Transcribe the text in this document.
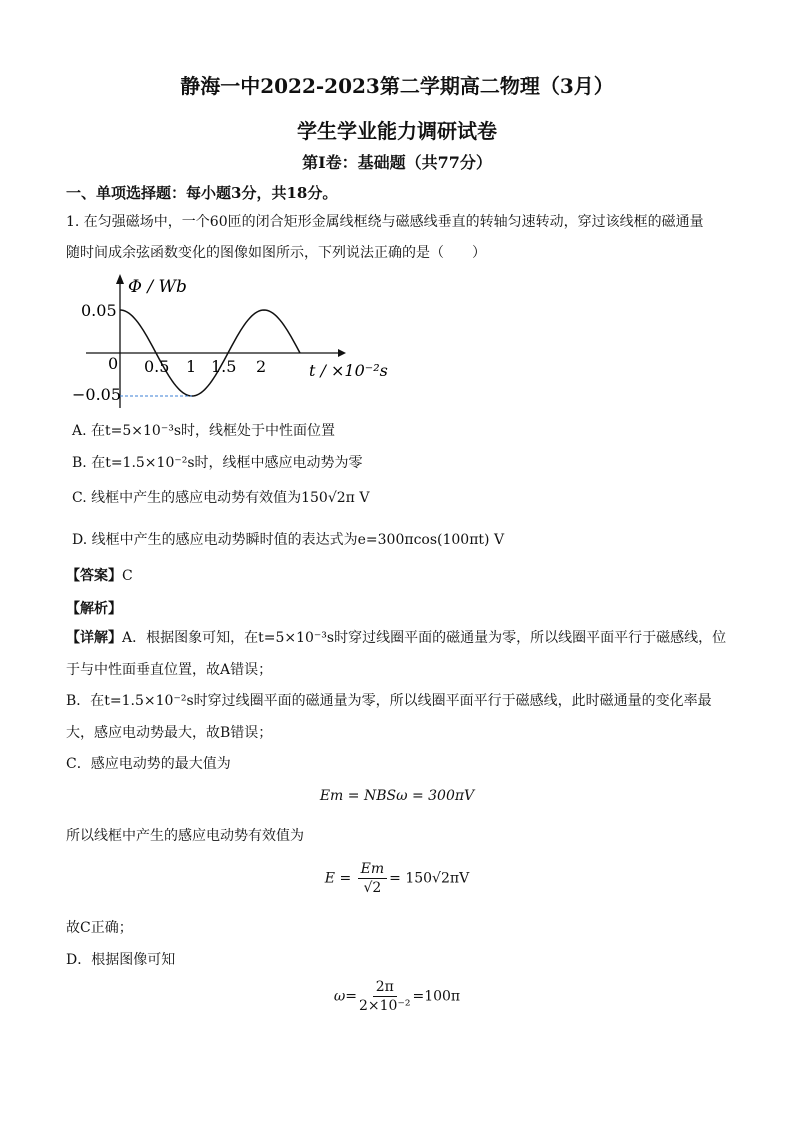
静海一中2022-2023第二学期高二物理（3月）
学生学业能力调研试卷
第Ⅰ卷：基础题（共77分）
一、单项选择题：每小题3分，共18分。
1. 在匀强磁场中，一个60匝的闭合矩形金属线框绕与磁感线垂直的转轴匀速转动，穿过该线框的磁通量
随时间成余弦函数变化的图像如图所示，下列说法正确的是（　　）
Φ / Wb
0.05
−0.05
0 0.5 1 1.5 2	t / ×10⁻²s
A. 在t=5×10⁻³s时，线框处于中性面位置
B. 在t=1.5×10⁻²s时，线框中感应电动势为零
C. 线框中产生的感应电动势有效值为150√2π V
D. 线框中产生的感应电动势瞬时值的表达式为e=300πcos(100πt) V
【答案】C
【解析】
【详解】A．根据图象可知，在t=5×10⁻³s时穿过线圈平面的磁通量为零，所以线圈平面平行于磁感线，位
于与中性面垂直位置，故A错误；
B．在t=1.5×10⁻²s时穿过线圈平面的磁通量为零，所以线圈平面平行于磁感线，此时磁通量的变化率最
大，感应电动势最大，故B错误；
C．感应电动势的最大值为
Em = NBSω = 300πV
所以线框中产生的感应电动势有效值为
$E = \frac{Em}{√2} = 150√2\pi V$
故C正确；
D．根据图像可知
$\omega= \frac{2\pi}{\text{2×10⁻²}} =100\pi$
